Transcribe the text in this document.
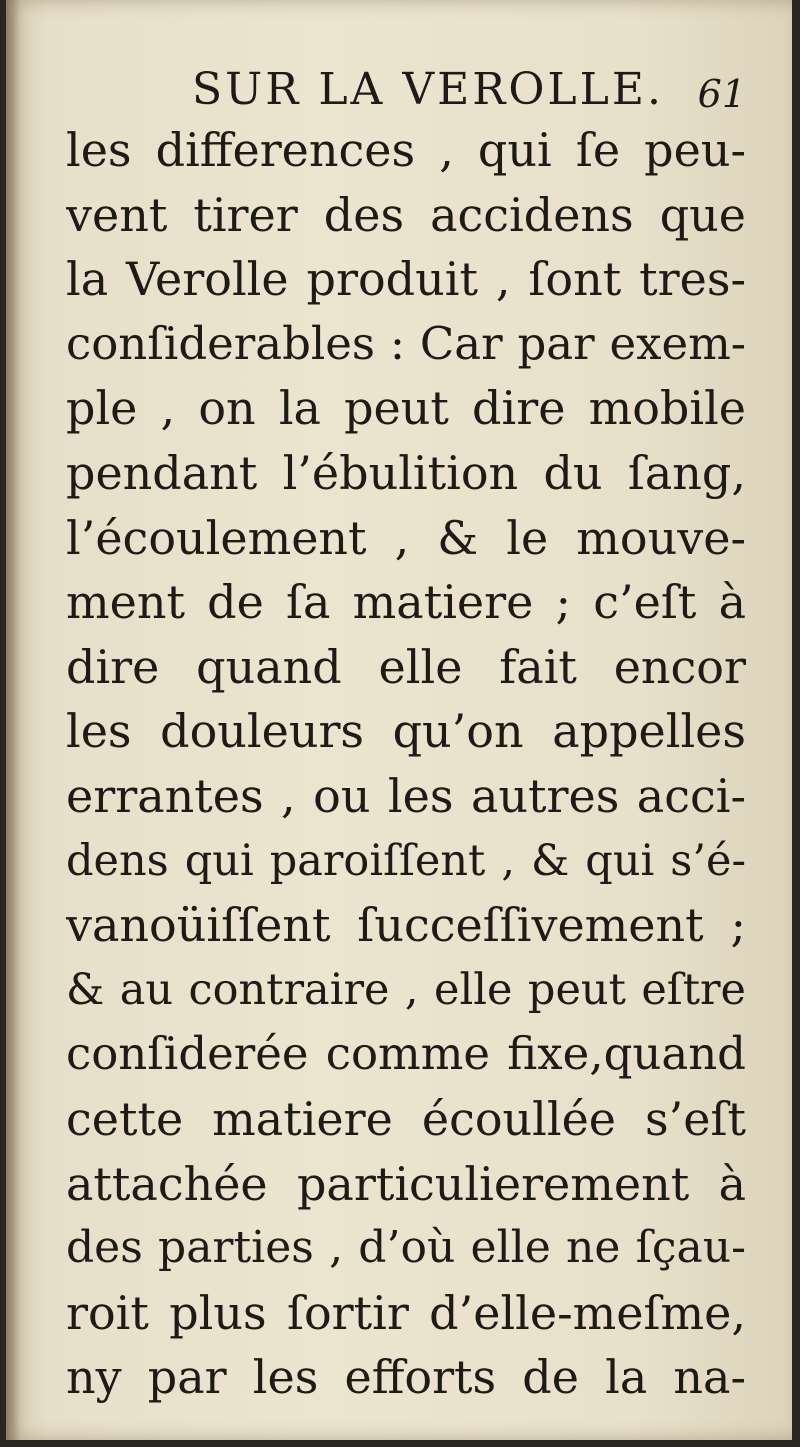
SUR LA VEROLLE. 61
les differences , qui ſe peu-
vent tirer des accidens que
la Verolle produit , ſont tres-
conſiderables : Car par exem-
ple , on la peut dire mobile
pendant l’ébulition du ſang,
l’écoulement , & le mouve-
ment de ſa matiere ; c’eſt à
dire quand elle fait encor
les douleurs qu’on appelles
errantes , ou les autres acci-
dens qui paroiſſent , & qui s’é-
vanoüiſſent ſucceſſivement ;
& au contraire , elle peut eſtre
conſiderée comme fixe,quand
cette matiere écoullée s’eſt
attachée particulierement à
des parties , d’où elle ne ſçau-
roit plus ſortir d’elle-meſme,
ny par les efforts de la na-
